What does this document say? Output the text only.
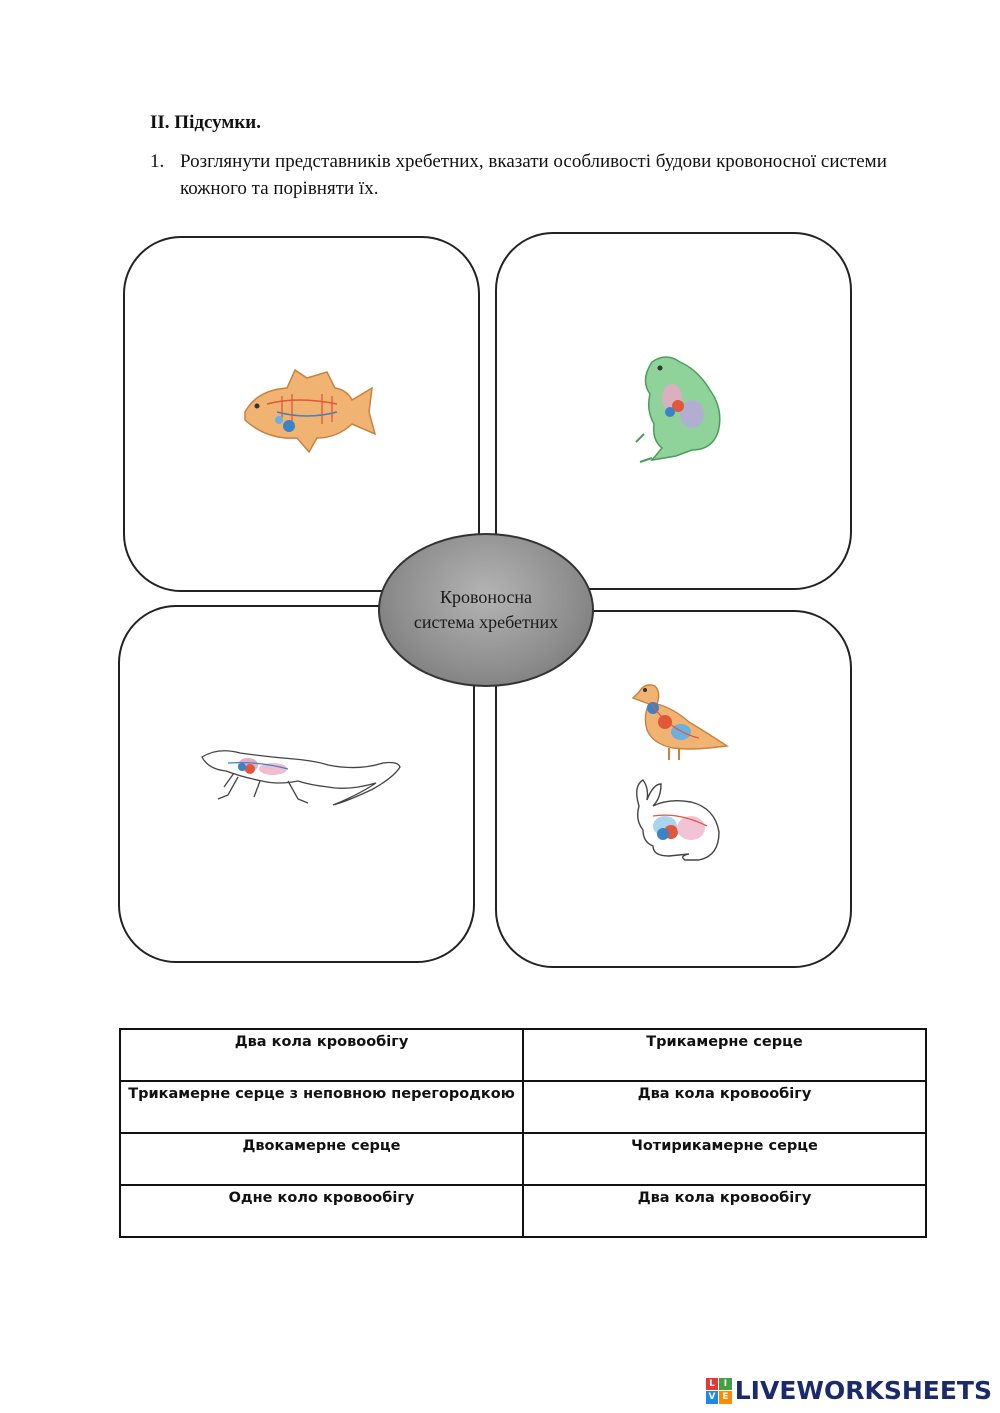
ІІ. Підсумки.
1. Розглянути представників хребетних, вказати особливості будови кровоносної системи кожного та порівняти їх.
Кровоносна система хребетних
Два кола кровообігу	Трикамерне серце
Трикамерне серце з неповною перегородкою	Два кола кровообігу
Двокамерне серце	Чотирикамерне серце
Одне коло кровообігу	Два кола кровообігу
L I
V E LIVEWORKSHEETS
